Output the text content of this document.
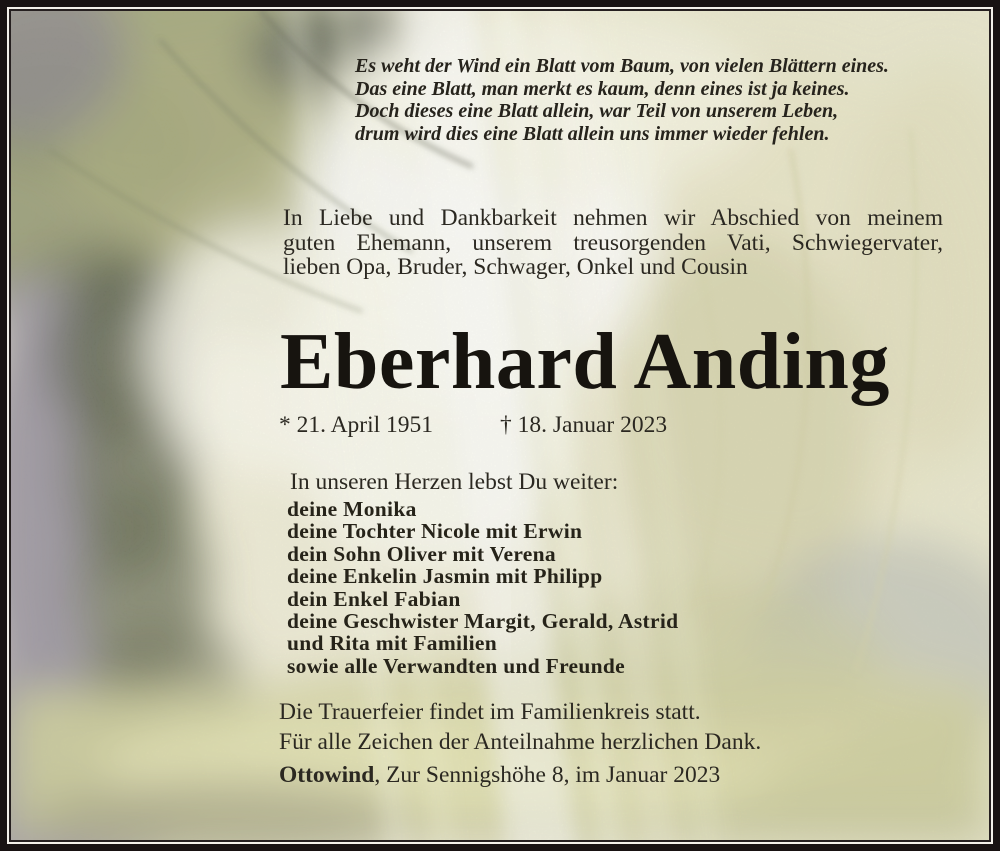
Es weht der Wind ein Blatt vom Baum, von vielen Blättern eines.
Das eine Blatt, man merkt es kaum, denn eines ist ja keines.
Doch dieses eine Blatt allein, war Teil von unserem Leben,
drum wird dies eine Blatt allein uns immer wieder fehlen.
In Liebe und Dankbarkeit nehmen wir Abschied von meinem
guten Ehemann, unserem treusorgenden Vati, Schwiegervater,
lieben Opa, Bruder, Schwager, Onkel und Cousin
Eberhard Anding
* 21. April 1951	† 18. Januar 2023
In unseren Herzen lebst Du weiter:
deine Monika
deine Tochter Nicole mit Erwin
dein Sohn Oliver mit Verena
deine Enkelin Jasmin mit Philipp
dein Enkel Fabian
deine Geschwister Margit, Gerald, Astrid
und Rita mit Familien
sowie alle Verwandten und Freunde
Die Trauerfeier findet im Familienkreis statt.
Für alle Zeichen der Anteilnahme herzlichen Dank.
Ottowind, Zur Sennigshöhe 8, im Januar 2023
